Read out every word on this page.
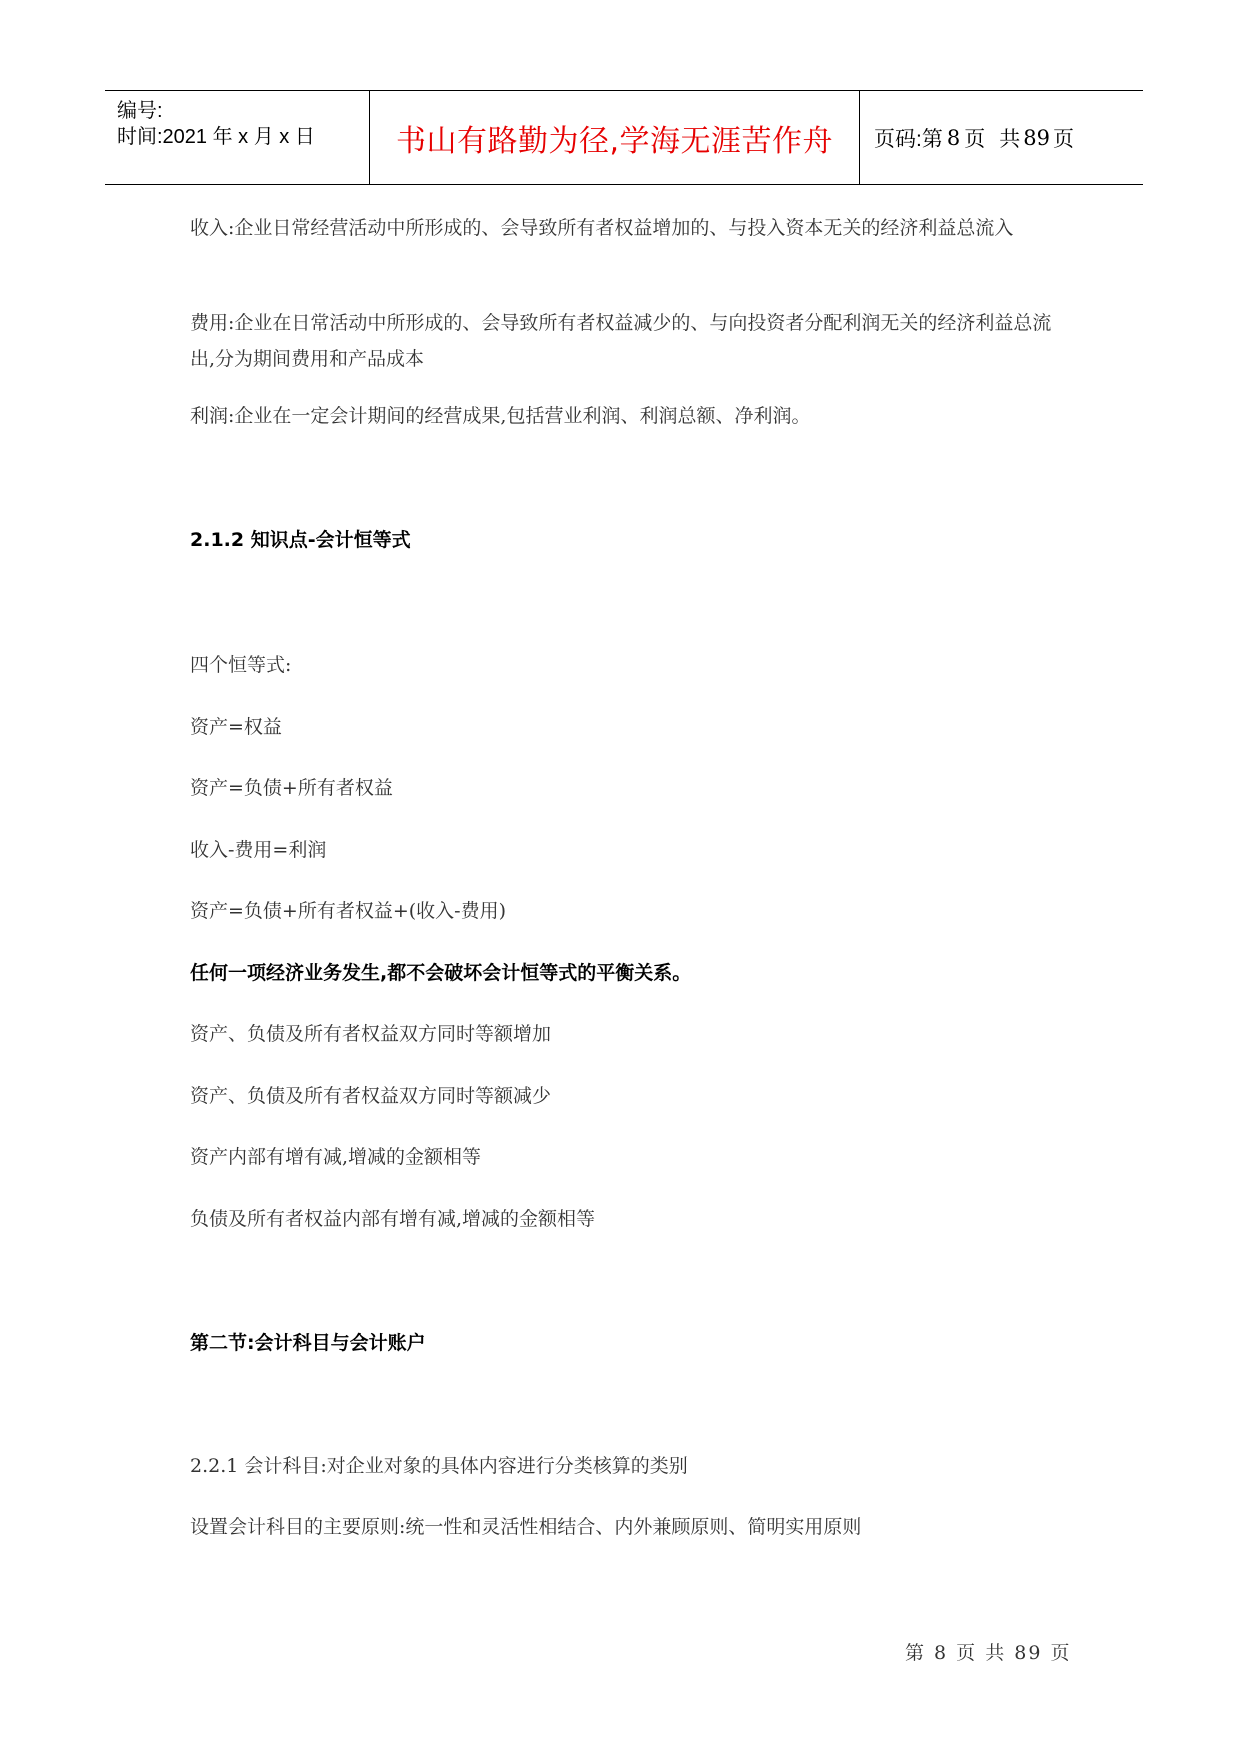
编号:
时间:2021 年 x 月 x 日	书山有路勤为径,学海无涯苦作舟	页码:第 8 页 共 89 页
收入:企业日常经营活动中所形成的、会导致所有者权益增加的、与投入资本无关的经济利益总流入
费用:企业在日常活动中所形成的、会导致所有者权益减少的、与向投资者分配利润无关的经济利益总流出,分为期间费用和产品成本
利润:企业在一定会计期间的经营成果,包括营业利润、利润总额、净利润。
2.1.2 知识点-会计恒等式
四个恒等式:
资产=权益
资产=负债+所有者权益
收入-费用=利润
资产=负债+所有者权益+(收入-费用)
任何一项经济业务发生,都不会破坏会计恒等式的平衡关系。
资产、负债及所有者权益双方同时等额增加
资产、负债及所有者权益双方同时等额减少
资产内部有增有减,增减的金额相等
负债及所有者权益内部有增有减,增减的金额相等
第二节:会计科目与会计账户
2.2.1 会计科目:对企业对象的具体内容进行分类核算的类别
设置会计科目的主要原则:统一性和灵活性相结合、内外兼顾原则、简明实用原则
第 8 页 共 89 页
